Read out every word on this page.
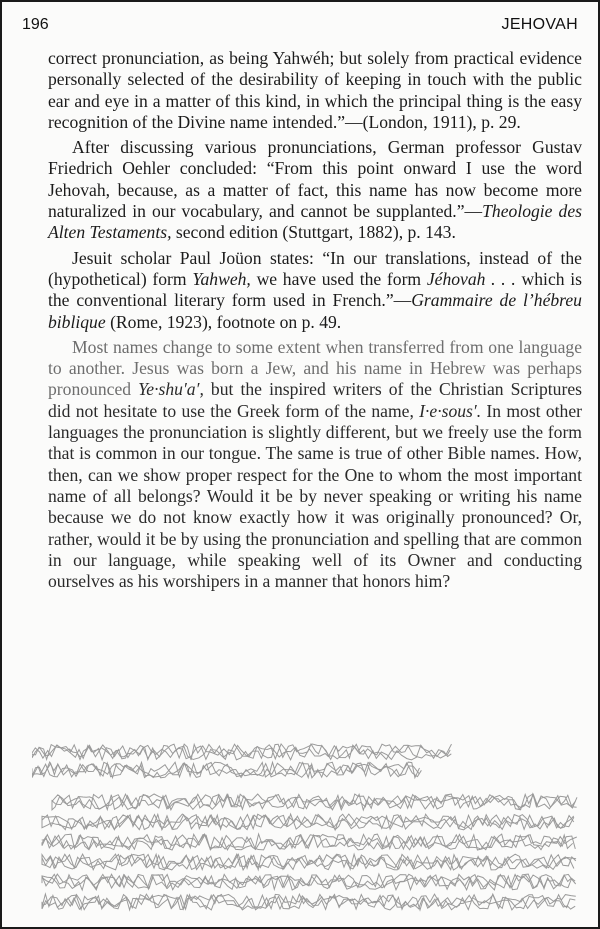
196	JEHOVAH

correct pronunciation, as being Yahwéh; but solely from practical evidence personally selected of the desirability of keeping in touch with the public ear and eye in a matter of this kind, in which the principal thing is the easy recognition of the Divine name intended.”—(London, 1911), p. 29.

After discussing various pronunciations, German professor Gustav Friedrich Oehler concluded: “From this point onward I use the word Jehovah, because, as a matter of fact, this name has now become more naturalized in our vocabulary, and cannot be supplanted.”—Theologie des Alten Testaments, second edition (Stuttgart, 1882), p. 143.

Jesuit scholar Paul Joüon states: “In our translations, instead of the (hypothetical) form Yahweh, we have used the form Jéhovah . . . which is the conventional literary form used in French.”—Grammaire de l’hébreu biblique (Rome, 1923), footnote on p. 49.

Most names change to some extent when transferred from one language to another. Jesus was born a Jew, and his name in Hebrew was perhaps pronounced Ye·shu′a′, but the inspired writers of the Christian Scriptures did not hesitate to use the Greek form of the name, I·e·sous′. In most other languages the pronunciation is slightly different, but we freely use the form that is common in our tongue. The same is true of other Bible names. How, then, can we show proper respect for the One to whom the most important name of all belongs? Would it be by never speaking or writing his name because we do not know exactly how it was originally pronounced? Or, rather, would it be by using the pronunciation and spelling that are common in our language, while speaking well of its Owner and conducting ourselves as his worshipers in a manner that honors him?
